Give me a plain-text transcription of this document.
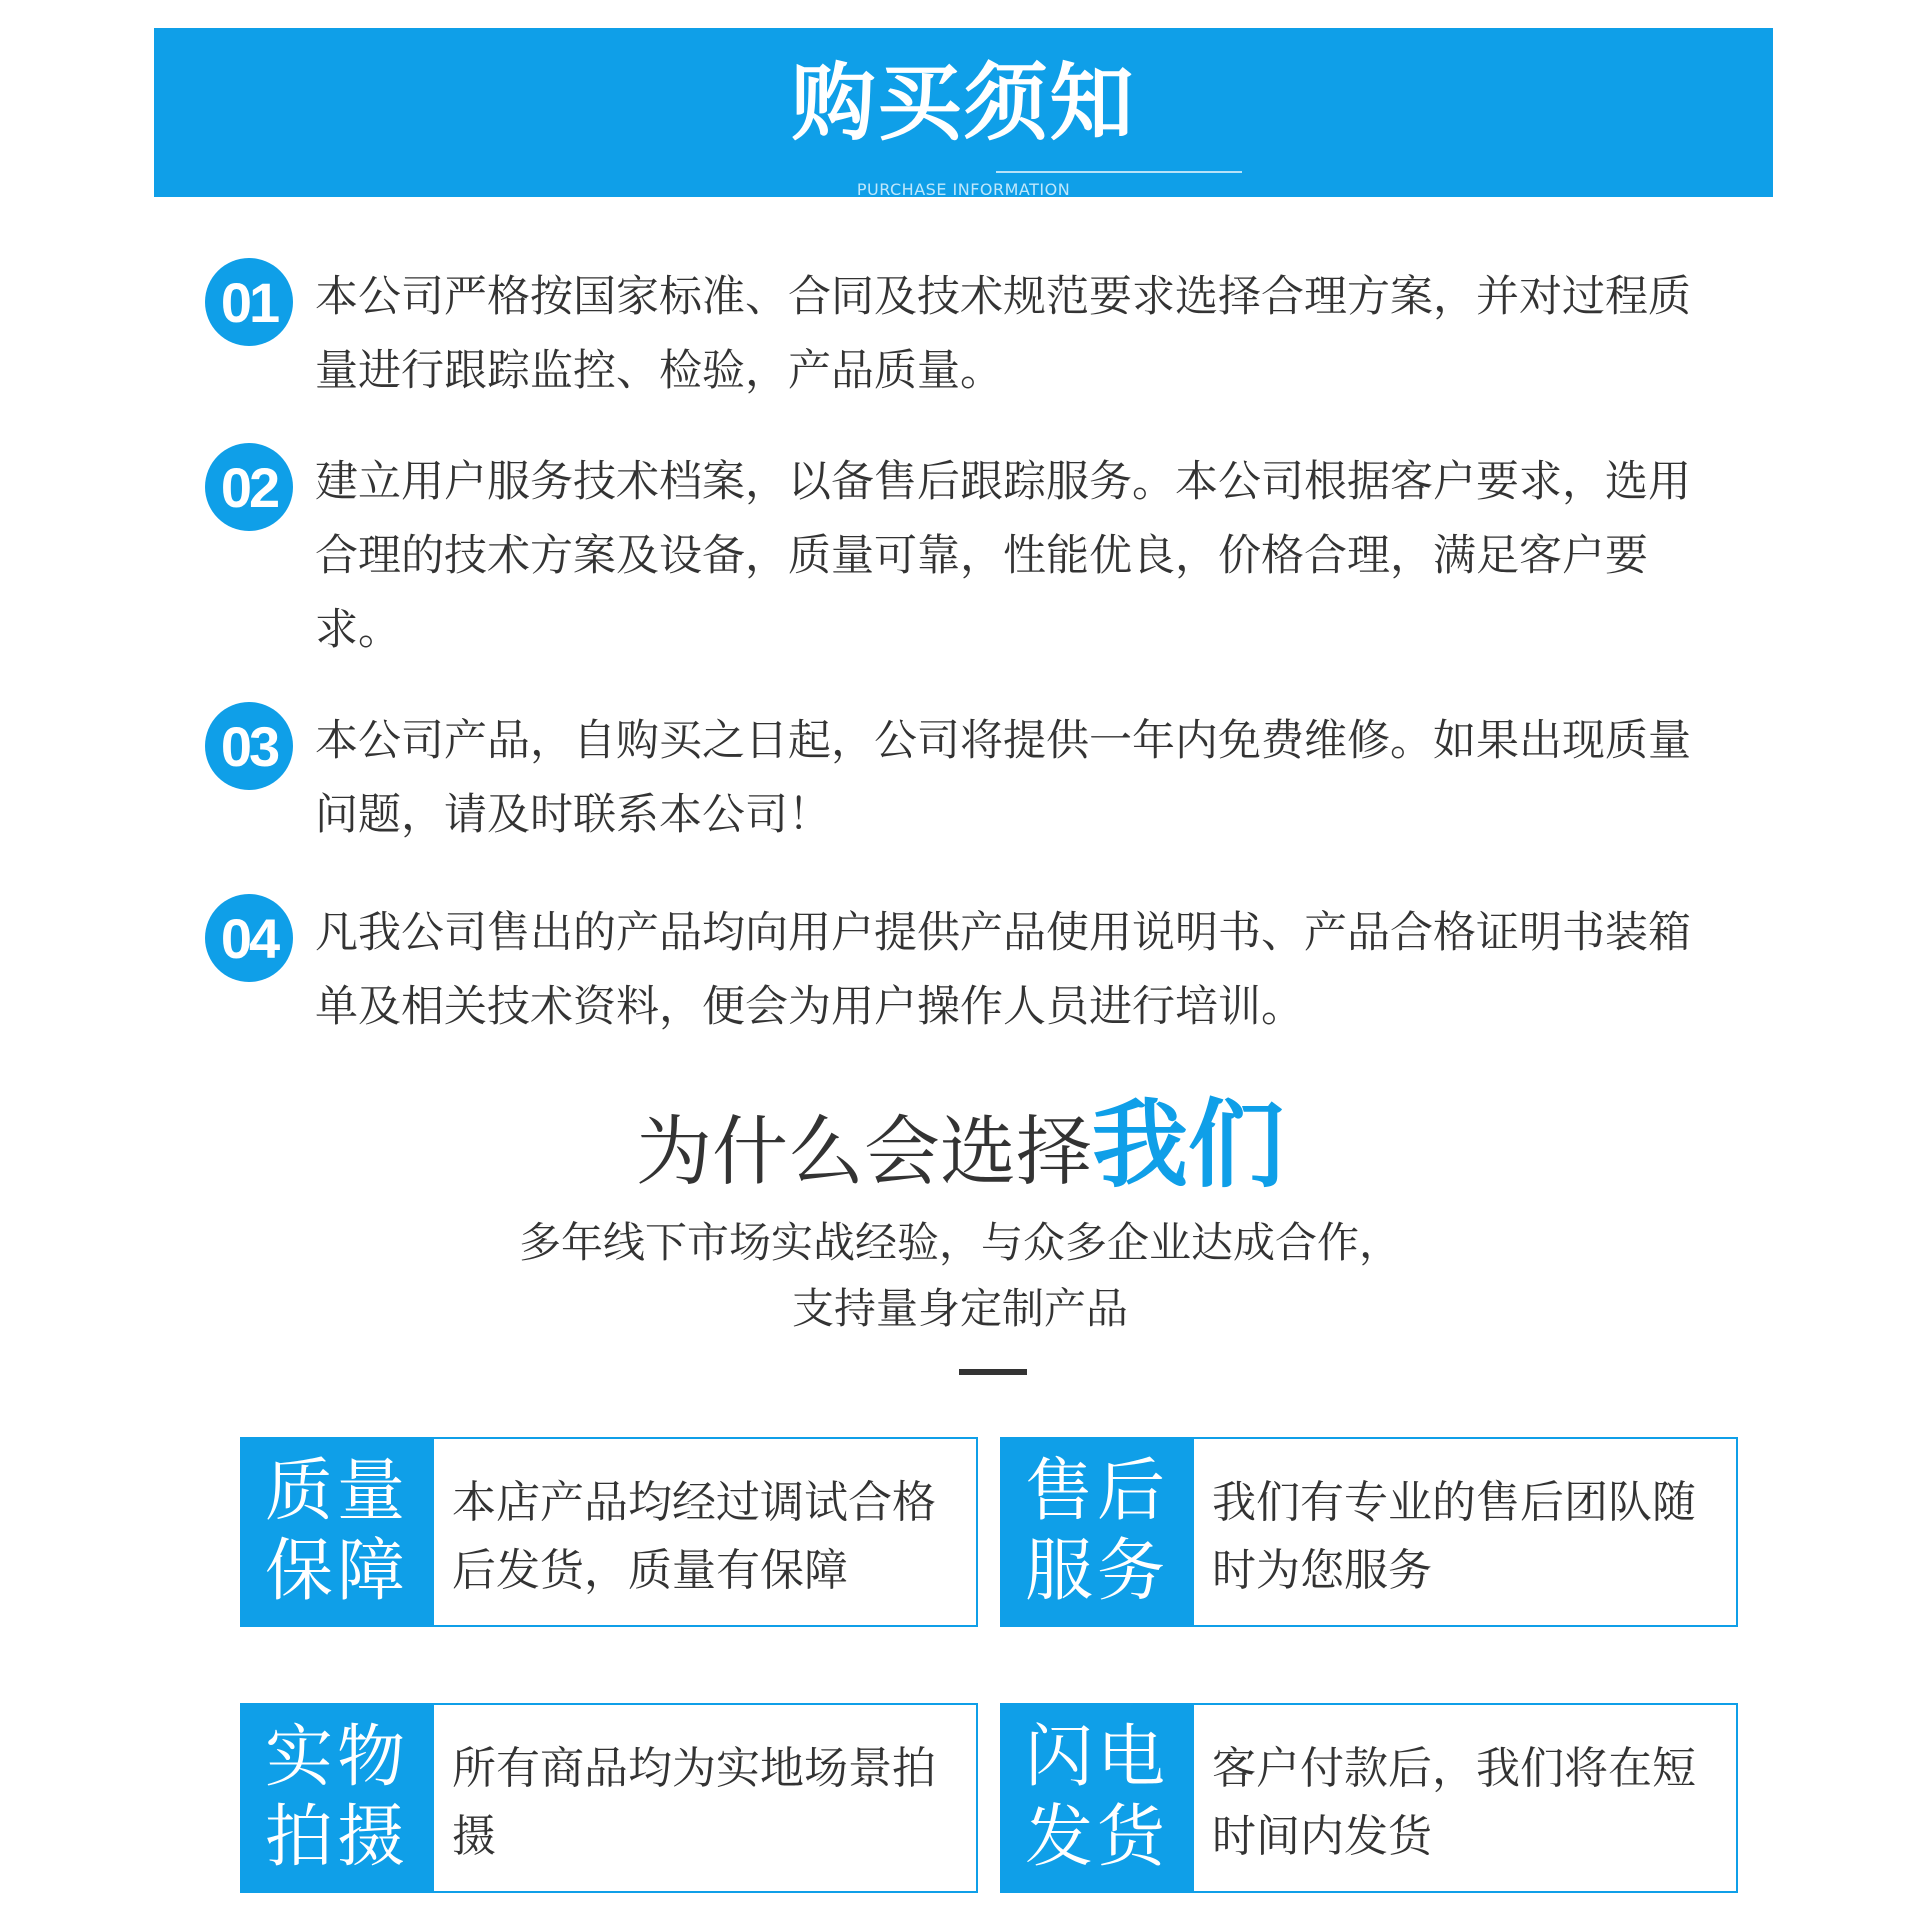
购买须知
PURCHASE INFORMATION
01 本公司严格按国家标准、合同及技术规范要求选择合理方案，并对过程质量进行跟踪监控、检验，产品质量。
02 建立用户服务技术档案，以备售后跟踪服务。本公司根据客户要求，选用合理的技术方案及设备，质量可靠，性能优良，价格合理，满足客户要求。
03 本公司产品，自购买之日起，公司将提供一年内免费维修。如果出现质量问题，请及时联系本公司！
04 凡我公司售出的产品均向用户提供产品使用说明书、产品合格证明书装箱单及相关技术资料，便会为用户操作人员进行培训。
为什么会选择我们
多年线下市场实战经验，与众多企业达成合作，
支持量身定制产品
质量
保障
本店产品均经过调试合格后发货，质量有保障
售后
服务
我们有专业的售后团队随时为您服务
实物
拍摄
所有商品均为实地场景拍摄
闪电
发货
客户付款后，我们将在短时间内发货
